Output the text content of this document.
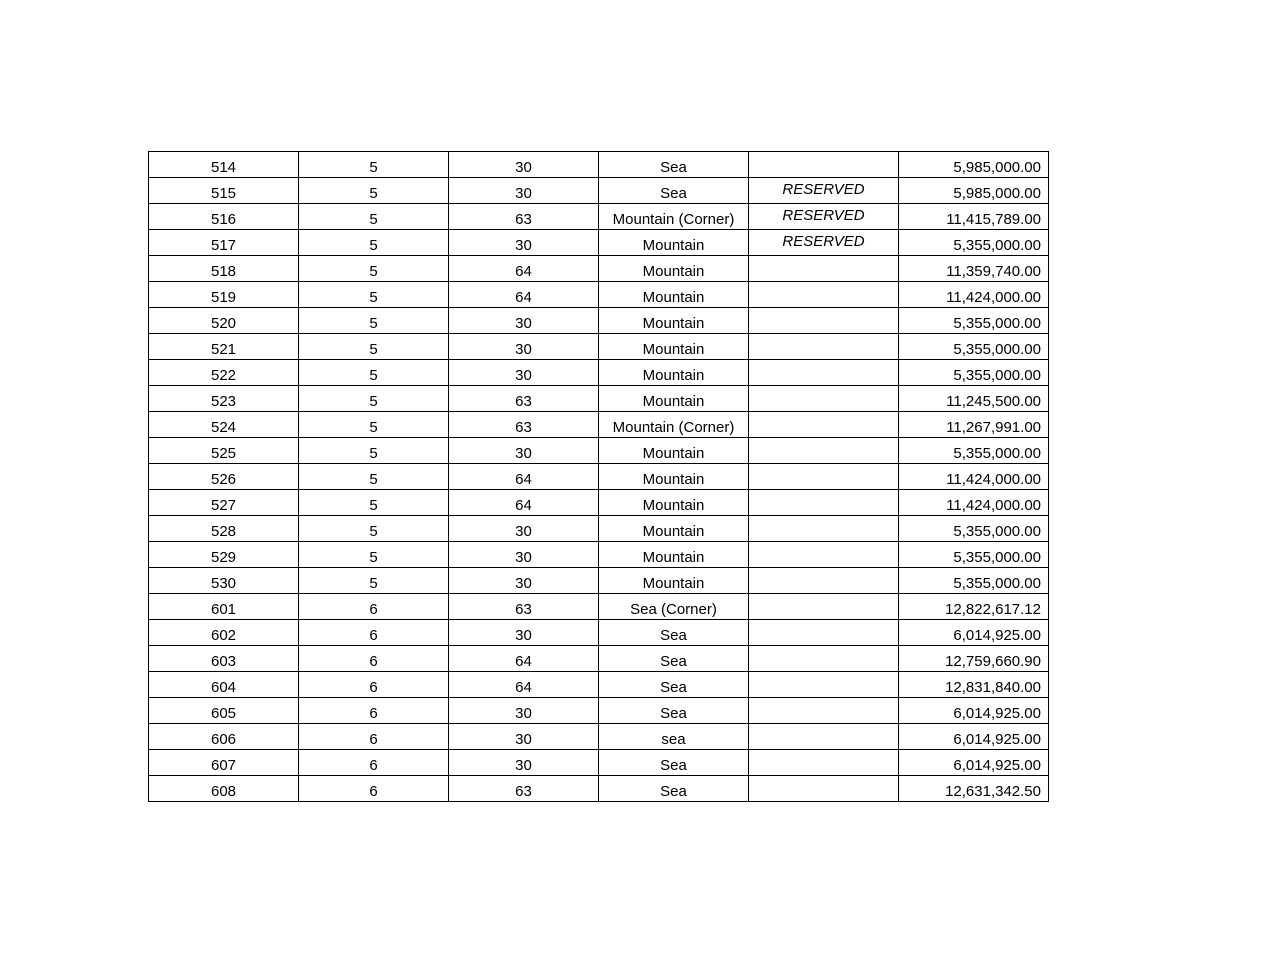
514	5	30	Sea		5,985,000.00
515	5	30	Sea	RESERVED	5,985,000.00
516	5	63	Mountain (Corner)	RESERVED	11,415,789.00
517	5	30	Mountain	RESERVED	5,355,000.00
518	5	64	Mountain		11,359,740.00
519	5	64	Mountain		11,424,000.00
520	5	30	Mountain		5,355,000.00
521	5	30	Mountain		5,355,000.00
522	5	30	Mountain		5,355,000.00
523	5	63	Mountain		11,245,500.00
524	5	63	Mountain (Corner)		11,267,991.00
525	5	30	Mountain		5,355,000.00
526	5	64	Mountain		11,424,000.00
527	5	64	Mountain		11,424,000.00
528	5	30	Mountain		5,355,000.00
529	5	30	Mountain		5,355,000.00
530	5	30	Mountain		5,355,000.00
601	6	63	Sea (Corner)		12,822,617.12
602	6	30	Sea		6,014,925.00
603	6	64	Sea		12,759,660.90
604	6	64	Sea		12,831,840.00
605	6	30	Sea		6,014,925.00
606	6	30	sea		6,014,925.00
607	6	30	Sea		6,014,925.00
608	6	63	Sea		12,631,342.50
